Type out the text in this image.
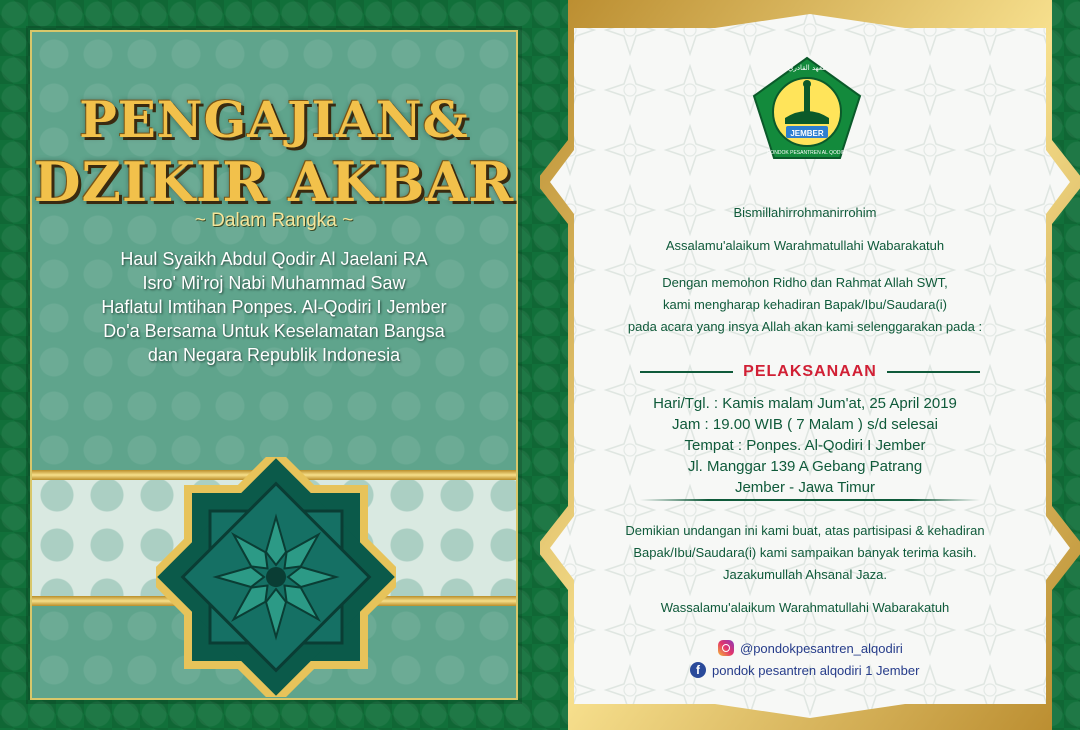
PENGAJIAN&
DZIKIR AKBAR
~ Dalam Rangka ~
Haul Syaikh Abdul Qodir Al Jaelani RA
Isro' Mi'roj Nabi Muhammad Saw
Haflatul Imtihan Ponpes. Al-Qodiri I Jember
Do'a Bersama Untuk Keselamatan Bangsa
dan Negara Republik Indonesia
JEMBER
ﻣﻌﻬﺪ اﻟﻘﺎدري
PONDOK PESANTREN AL QODIRI
Bismillahirrohmanirrohim
Assalamu'alaikum Warahmatullahi Wabarakatuh
Dengan memohon Ridho dan Rahmat Allah SWT,
kami mengharap kehadiran Bapak/Ibu/Saudara(i)
pada acara yang insya Allah akan kami selenggarakan pada :
PELAKSANAAN
Hari/Tgl. : Kamis malam Jum'at, 25 April 2019
Jam : 19.00 WIB ( 7 Malam ) s/d selesai
Tempat : Ponpes. Al-Qodiri I Jember
Jl. Manggar 139 A Gebang Patrang
Jember - Jawa Timur
Demikian undangan ini kami buat, atas partisipasi & kehadiran
Bapak/Ibu/Saudara(i) kami sampaikan banyak terima kasih.
Jazakumullah Ahsanal Jaza.
Wassalamu'alaikum Warahmatullahi Wabarakatuh
@pondokpesantren_alqodiri
f pondok pesantren alqodiri 1 Jember
